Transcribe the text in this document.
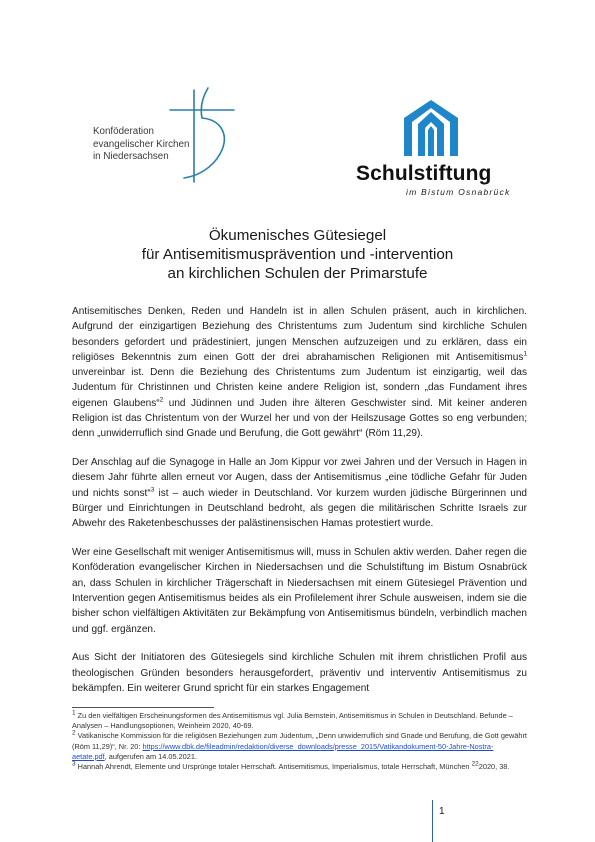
Konföderation
evangelischer Kirchen
in Niedersachsen
Schulstiftung
im Bistum Osnabrück
Ökumenisches Gütesiegel
für Antisemitismusprävention und -intervention
an kirchlichen Schulen der Primarstufe

Antisemitisches Denken, Reden und Handeln ist in allen Schulen präsent, auch in kirchlichen. Aufgrund der einzigartigen Beziehung des Christentums zum Judentum sind kirchliche Schulen besonders gefordert und prädestiniert, jungen Menschen aufzuzeigen und zu erklären, dass ein religiöses Bekenntnis zum einen Gott der drei abrahamischen Religionen mit Antisemitismus$^1$ unvereinbar ist. Denn die Beziehung des Christentums zum Judentum ist einzigartig, weil das Judentum für Christinnen und Christen keine andere Religion ist, sondern „das Fundament ihres eigenen Glaubens“$^2$ und Jüdinnen und Juden ihre älteren Geschwister sind. Mit keiner anderen Religion ist das Christentum von der Wurzel her und von der Heilszusage Gottes so eng verbunden; denn „unwiderruflich sind Gnade und Berufung, die Gott gewährt“ (Röm 11,29).

Der Anschlag auf die Synagoge in Halle an Jom Kippur vor zwei Jahren und der Versuch in Hagen in diesem Jahr führte allen erneut vor Augen, dass der Antisemitismus „eine tödliche Gefahr für Juden und nichts sonst“$^3$ ist – auch wieder in Deutschland. Vor kurzem wurden jüdische Bürgerinnen und Bürger und Einrichtungen in Deutschland bedroht, als gegen die militärischen Schritte Israels zur Abwehr des Raketenbeschusses der palästinensischen Hamas protestiert wurde.

Wer eine Gesellschaft mit weniger Antisemitismus will, muss in Schulen aktiv werden. Daher regen die Konföderation evangelischer Kirchen in Niedersachsen und die Schulstiftung im Bistum Osnabrück an, dass Schulen in kirchlicher Trägerschaft in Niedersachsen mit einem Gütesiegel Prävention und Intervention gegen Antisemitismus beides als ein Profilelement ihrer Schule ausweisen, indem sie die bisher schon vielfältigen Aktivitäten zur Bekämpfung von Antisemitismus bündeln, verbindlich machen und ggf. ergänzen.

Aus Sicht der Initiatoren des Gütesiegels sind kirchliche Schulen mit ihrem christlichen Profil aus theologischen Gründen besonders herausgefordert, präventiv und interventiv Antisemitismus zu bekämpfen. Ein weiterer Grund spricht für ein starkes Engagement

$^1$ Zu den vielfältigen Erscheinungsformen des Antisemitismus vgl. Julia Bernstein, Antisemitismus in Schulen in Deutschland. Befunde – Analysen – Handlungsoptionen, Weinheim 2020, 40-69.

$^2$ Vatikanische Kommission für die religiösen Beziehungen zum Judentum, „Denn unwiderruflich sind Gnade und Berufung, die Gott gewährt (Röm 11,29)“, Nr. 20: https://www.dbk.de/fileadmin/redaktion/diverse_downloads/presse_2015/Vatikandokument-50-Jahre-Nostra-aetate.pdf, aufgerufen am 14.05.2021.

$^3$ Hannah Ahrendt, Elemente und Ursprünge totaler Herrschaft. Antisemitismus, Imperialismus, totale Herrschaft, München $^{22}$2020, 38.

1
